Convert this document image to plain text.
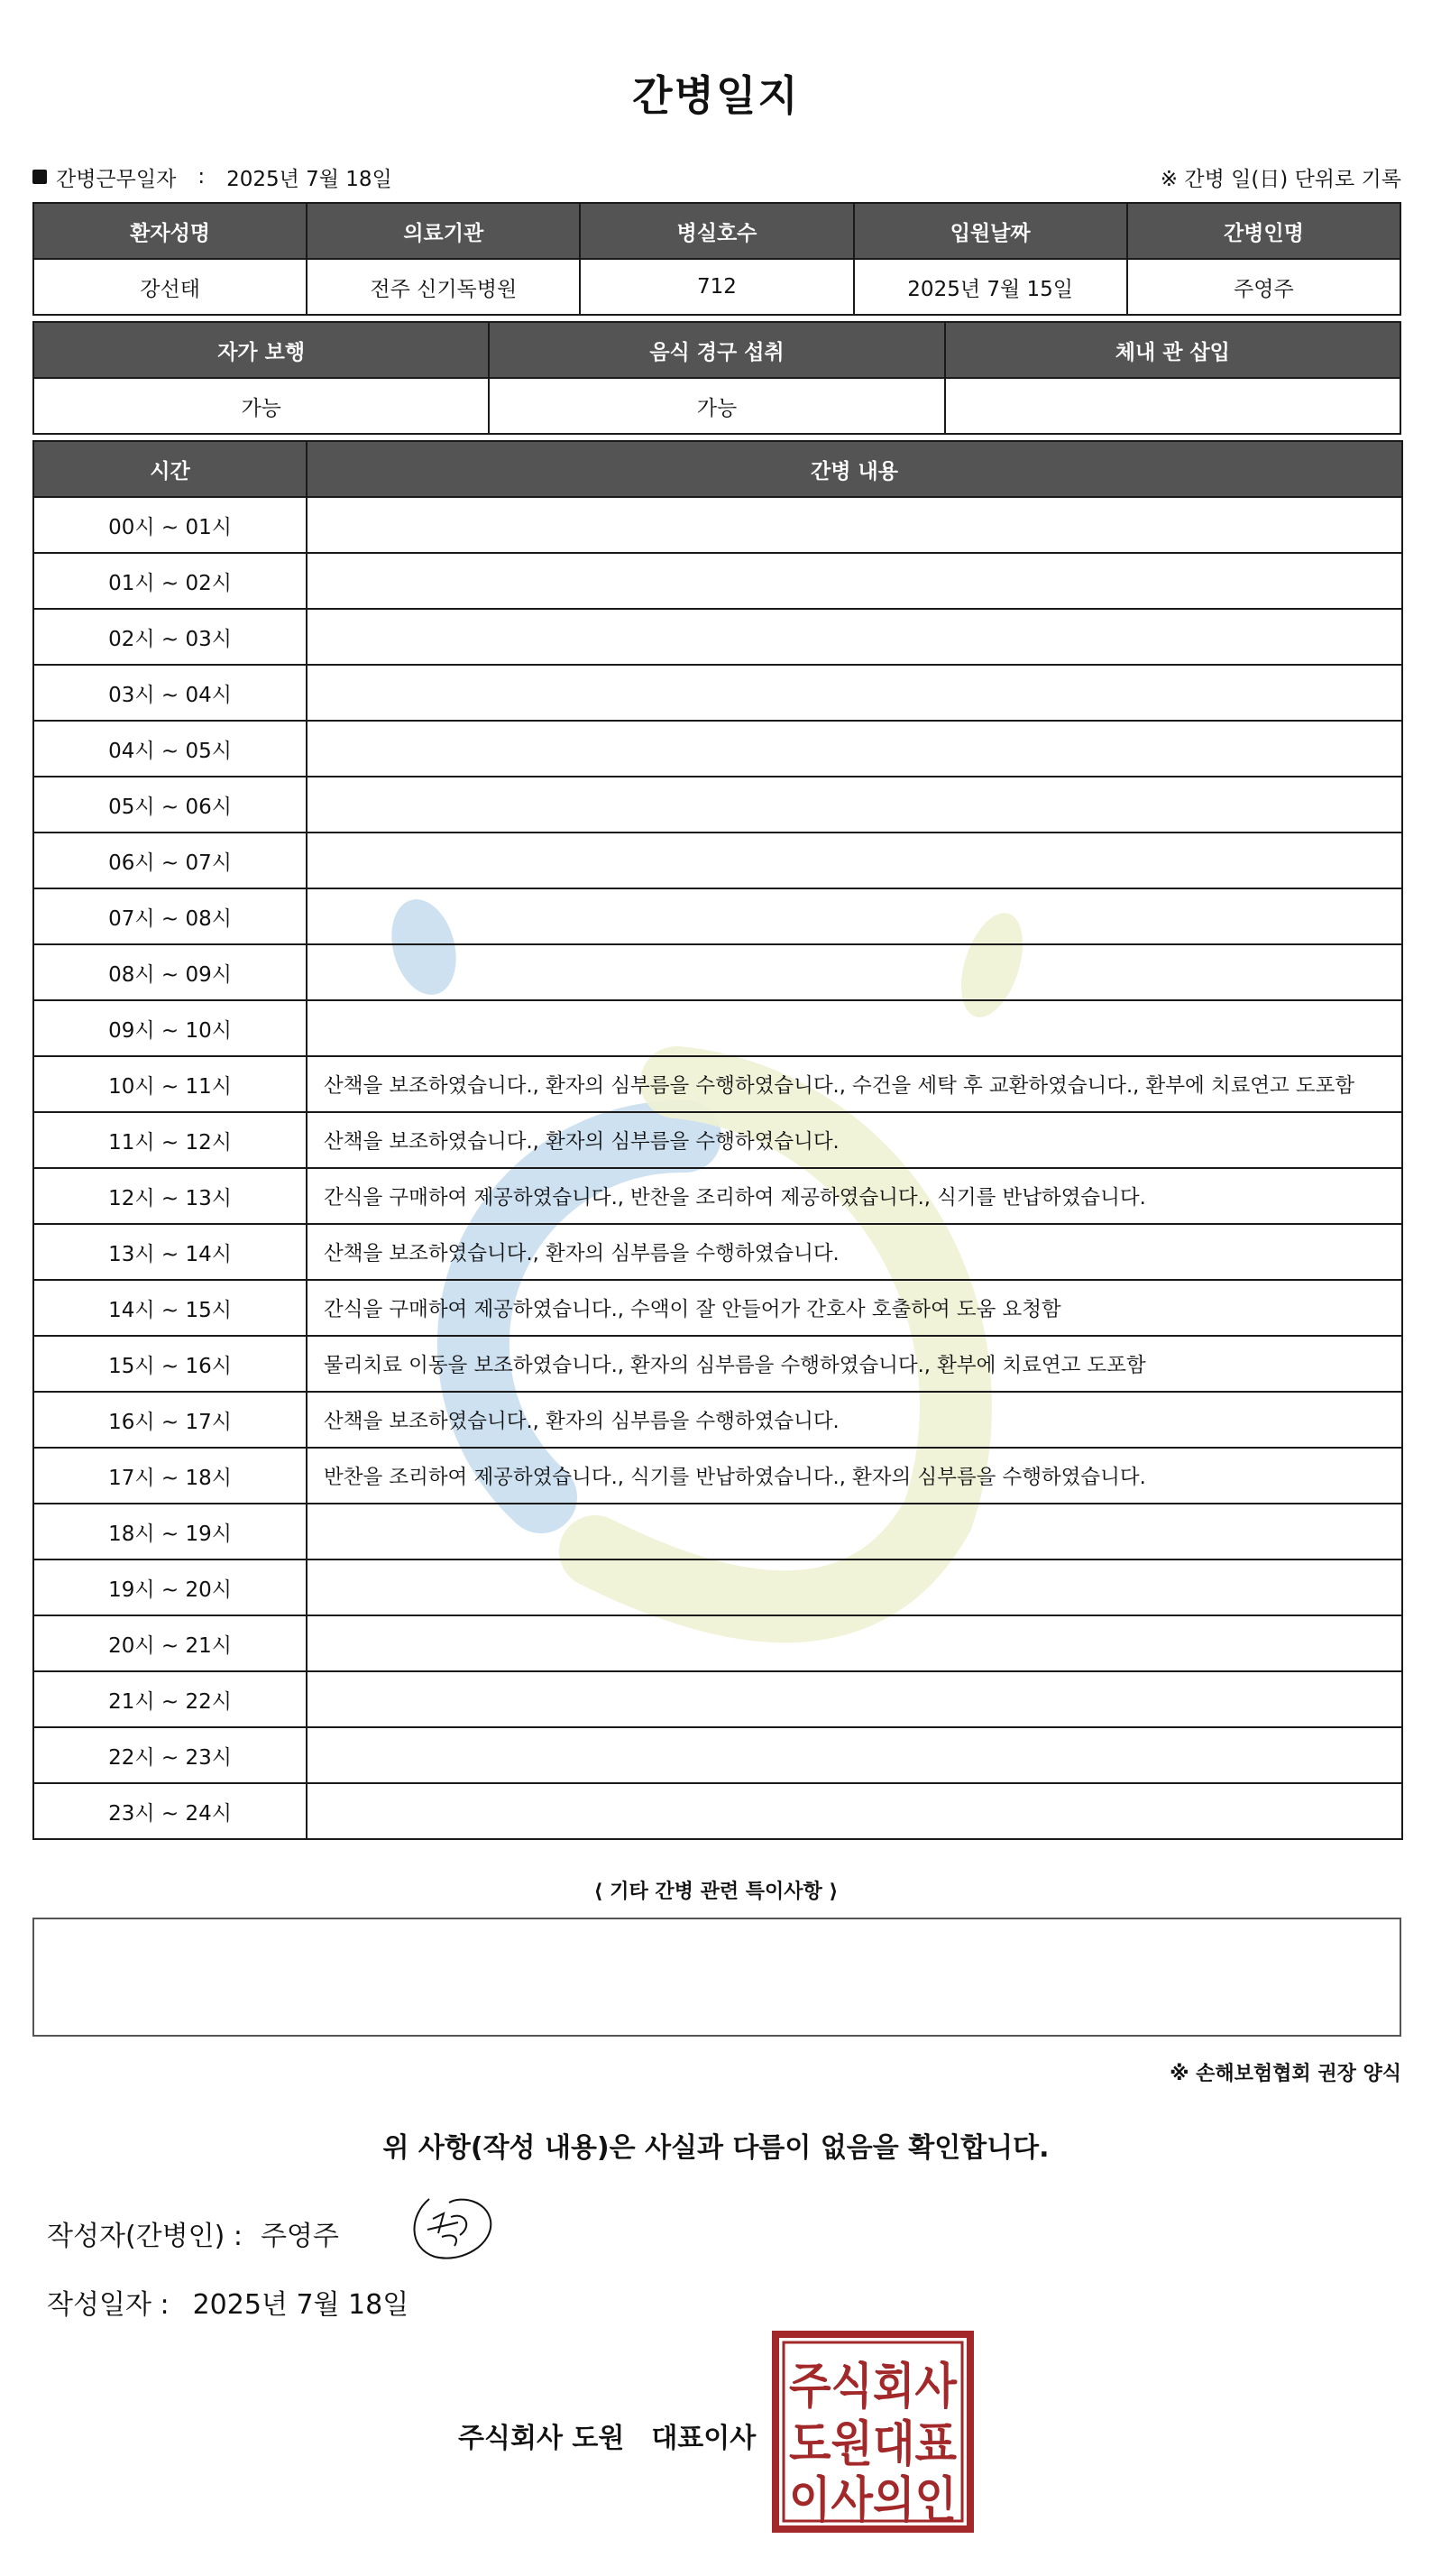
간병일지
간병근무일자 : 2025년 7월 18일	※ 간병 일(日) 단위로 기록
환자성명	의료기관	병실호수	입원날짜	간병인명
강선태	전주 신기독병원	712	2025년 7월 15일	주영주
자가 보행	음식 경구 섭취	체내 관 삽입
가능	가능	
시간	간병 내용
00시 ~ 01시	
01시 ~ 02시	
02시 ~ 03시	
03시 ~ 04시	
04시 ~ 05시	
05시 ~ 06시	
06시 ~ 07시	
07시 ~ 08시	
08시 ~ 09시	
09시 ~ 10시	
10시 ~ 11시	산책을 보조하였습니다., 환자의 심부름을 수행하였습니다., 수건을 세탁 후 교환하였습니다., 환부에 치료연고 도포함
11시 ~ 12시	산책을 보조하였습니다., 환자의 심부름을 수행하였습니다.
12시 ~ 13시	간식을 구매하여 제공하였습니다., 반찬을 조리하여 제공하였습니다., 식기를 반납하였습니다.
13시 ~ 14시	산책을 보조하였습니다., 환자의 심부름을 수행하였습니다.
14시 ~ 15시	간식을 구매하여 제공하였습니다., 수액이 잘 안들어가 간호사 호출하여 도움 요청함
15시 ~ 16시	물리치료 이동을 보조하였습니다., 환자의 심부름을 수행하였습니다., 환부에 치료연고 도포함
16시 ~ 17시	산책을 보조하였습니다., 환자의 심부름을 수행하였습니다.
17시 ~ 18시	반찬을 조리하여 제공하였습니다., 식기를 반납하였습니다., 환자의 심부름을 수행하였습니다.
18시 ~ 19시	
19시 ~ 20시	
20시 ~ 21시	
21시 ~ 22시	
22시 ~ 23시	
23시 ~ 24시	
⟨ 기타 간병 관련 특이사항 ⟩
※ 손해보험협회 권장 양식
위 사항(작성 내용)은 사실과 다름이 없음을 확인합니다.
작성자(간병인) : 주영주
작성일자 : 2025년 7월 18일
주식회사 도원 대표이사
주식회사
도원대표
이사의인
